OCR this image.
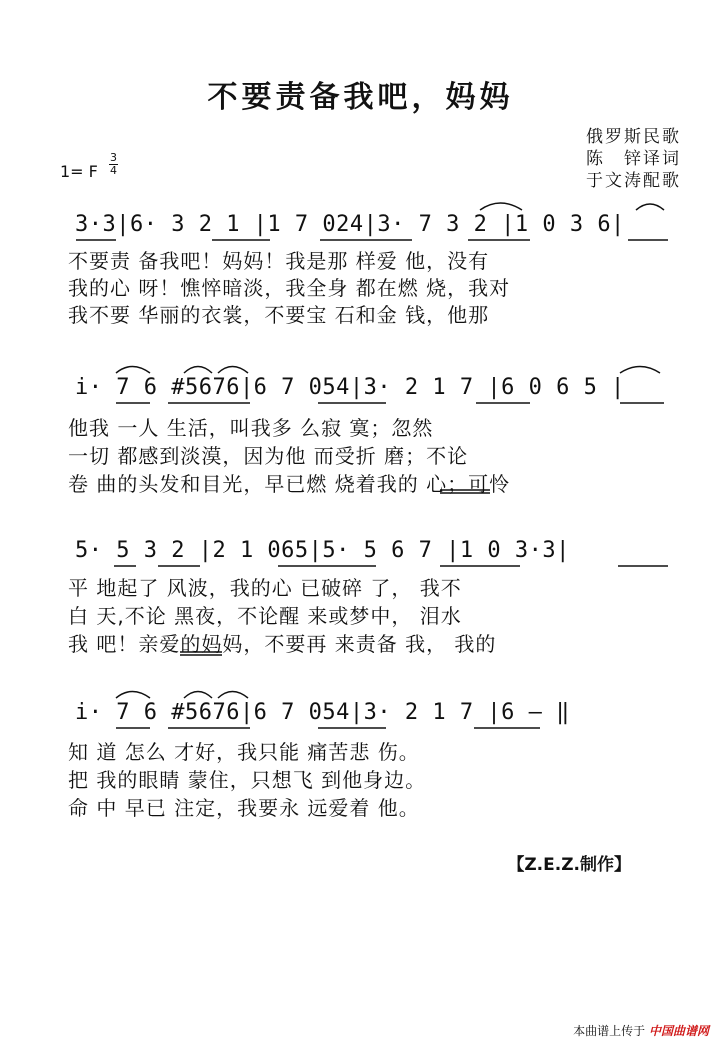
不要责备我吧，妈妈
俄罗斯民歌
陈　锌译词
于文涛配歌
1= F
3
4
3·3|6· 3 2 1 |1 7 024|3· 7 3 2 |1 0 3 6|
不要责 备我吧！妈妈！我是那 样爱 他，没有
我的心 呀！憔悴暗淡，我全身 都在燃 烧，我对
我不要 华丽的衣裳，不要宝 石和金 钱，他那
i· 7 6 #5676|6 7 054|3· 2 1 7 |6 0 6 5 |
他我 一人 生活，叫我多 么寂 寞；忽然
一切 都感到淡漠，因为他 而受折 磨；不论
卷 曲的头发和目光，早已燃 烧着我的 心；可怜
5· 5 3 2 |2 1 065|5· 5 6 7 |1 0 3·3|
平 地起了 风波，我的心 已破碎 了， 我不
白 天,不论 黑夜，不论醒 来或梦中， 泪水
我 吧！亲爱的妈妈，不要再 来责备 我， 我的
i· 7 6 #5676|6 7 054|3· 2 1 7 |6 — ‖
知 道 怎么 才好，我只能 痛苦悲 伤。
把 我的眼睛 蒙住，只想飞 到他身边。
命 中 早已 注定，我要永 远爱着 他。
【Z.E.Z.制作】
本曲谱上传于 中国曲谱网
